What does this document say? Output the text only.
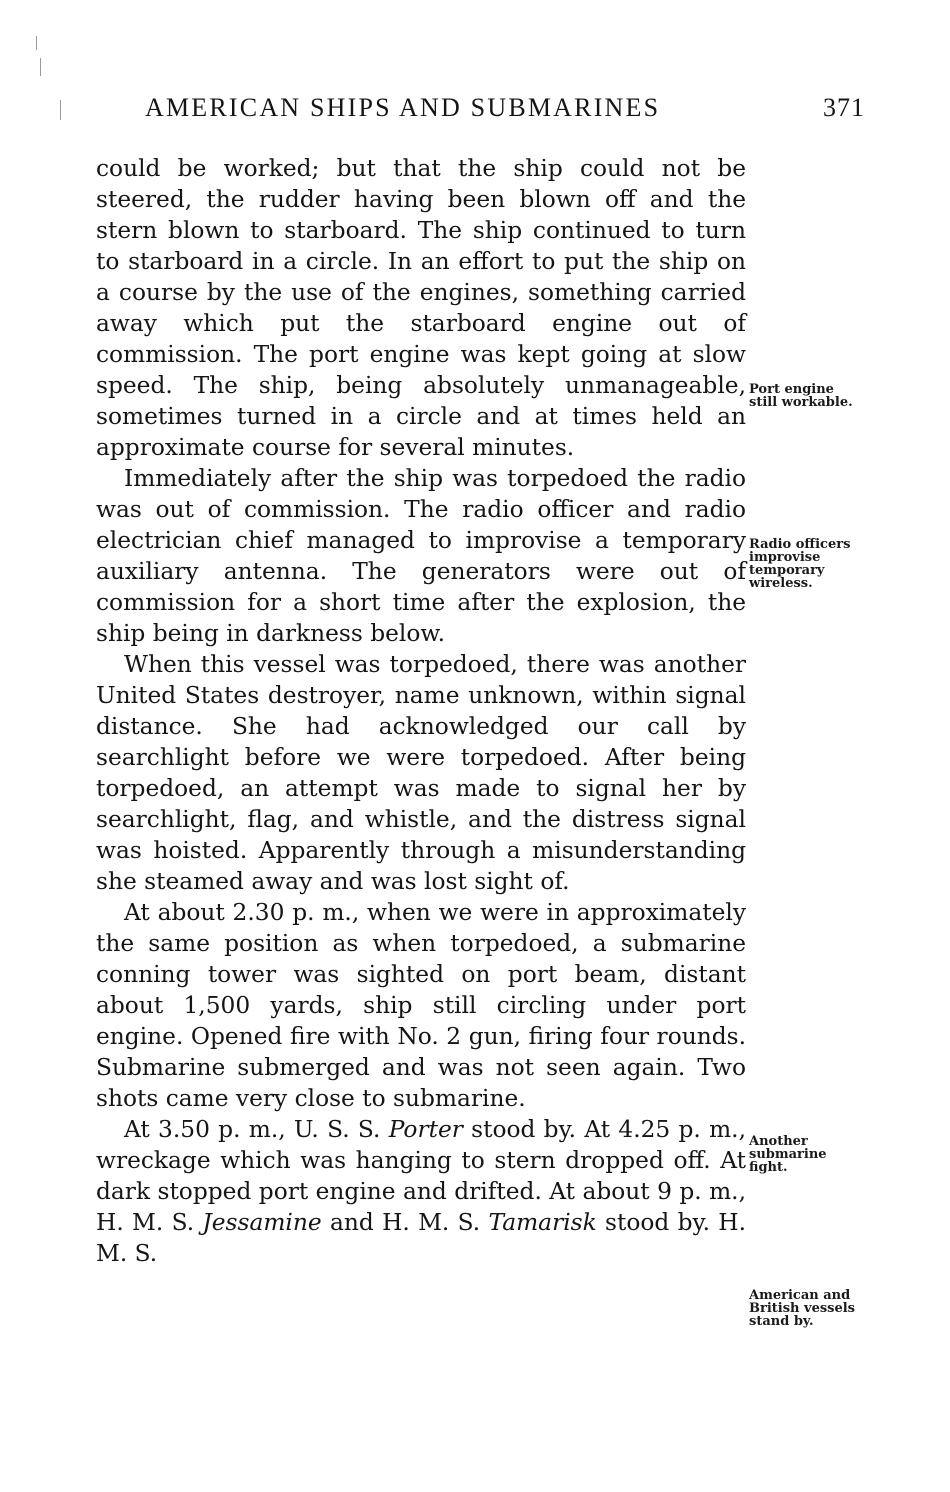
AMERICAN SHIPS AND SUBMARINES	371

could be worked; but that the ship could not be steered, the rudder having been blown off and the stern blown to starboard. The ship continued to turn to starboard in a circle. In an effort to put the ship on a course by the use of the engines, something carried away which put the starboard engine out of commission. The port engine was kept going at slow speed. The ship, being absolutely unmanageable, sometimes turned in a circle and at times held an approximate course for several minutes.

Immediately after the ship was torpedoed the radio was out of commission. The radio officer and radio electrician chief managed to improvise a temporary auxiliary antenna. The generators were out of commission for a short time after the explosion, the ship being in darkness below.

When this vessel was torpedoed, there was another United States destroyer, name unknown, within signal distance. She had acknowledged our call by searchlight before we were torpedoed. After being torpedoed, an attempt was made to signal her by searchlight, flag, and whistle, and the distress signal was hoisted. Apparently through a misunderstanding she steamed away and was lost sight of.

At about 2.30 p. m., when we were in approximately the same position as when torpedoed, a submarine conning tower was sighted on port beam, distant about 1,500 yards, ship still circling under port engine. Opened fire with No. 2 gun, firing four rounds. Submarine submerged and was not seen again. Two shots came very close to submarine.

At 3.50 p. m., U. S. S. Porter stood by. At 4.25 p. m., wreckage which was hanging to stern dropped off. At dark stopped port engine and drifted. At about 9 p. m., H. M. S. Jessamine and H. M. S. Tamarisk stood by. H. M. S.

Port engine still workable.
Radio officers improvise temporary wireless.
Another submarine fight.
American and British vessels stand by.
